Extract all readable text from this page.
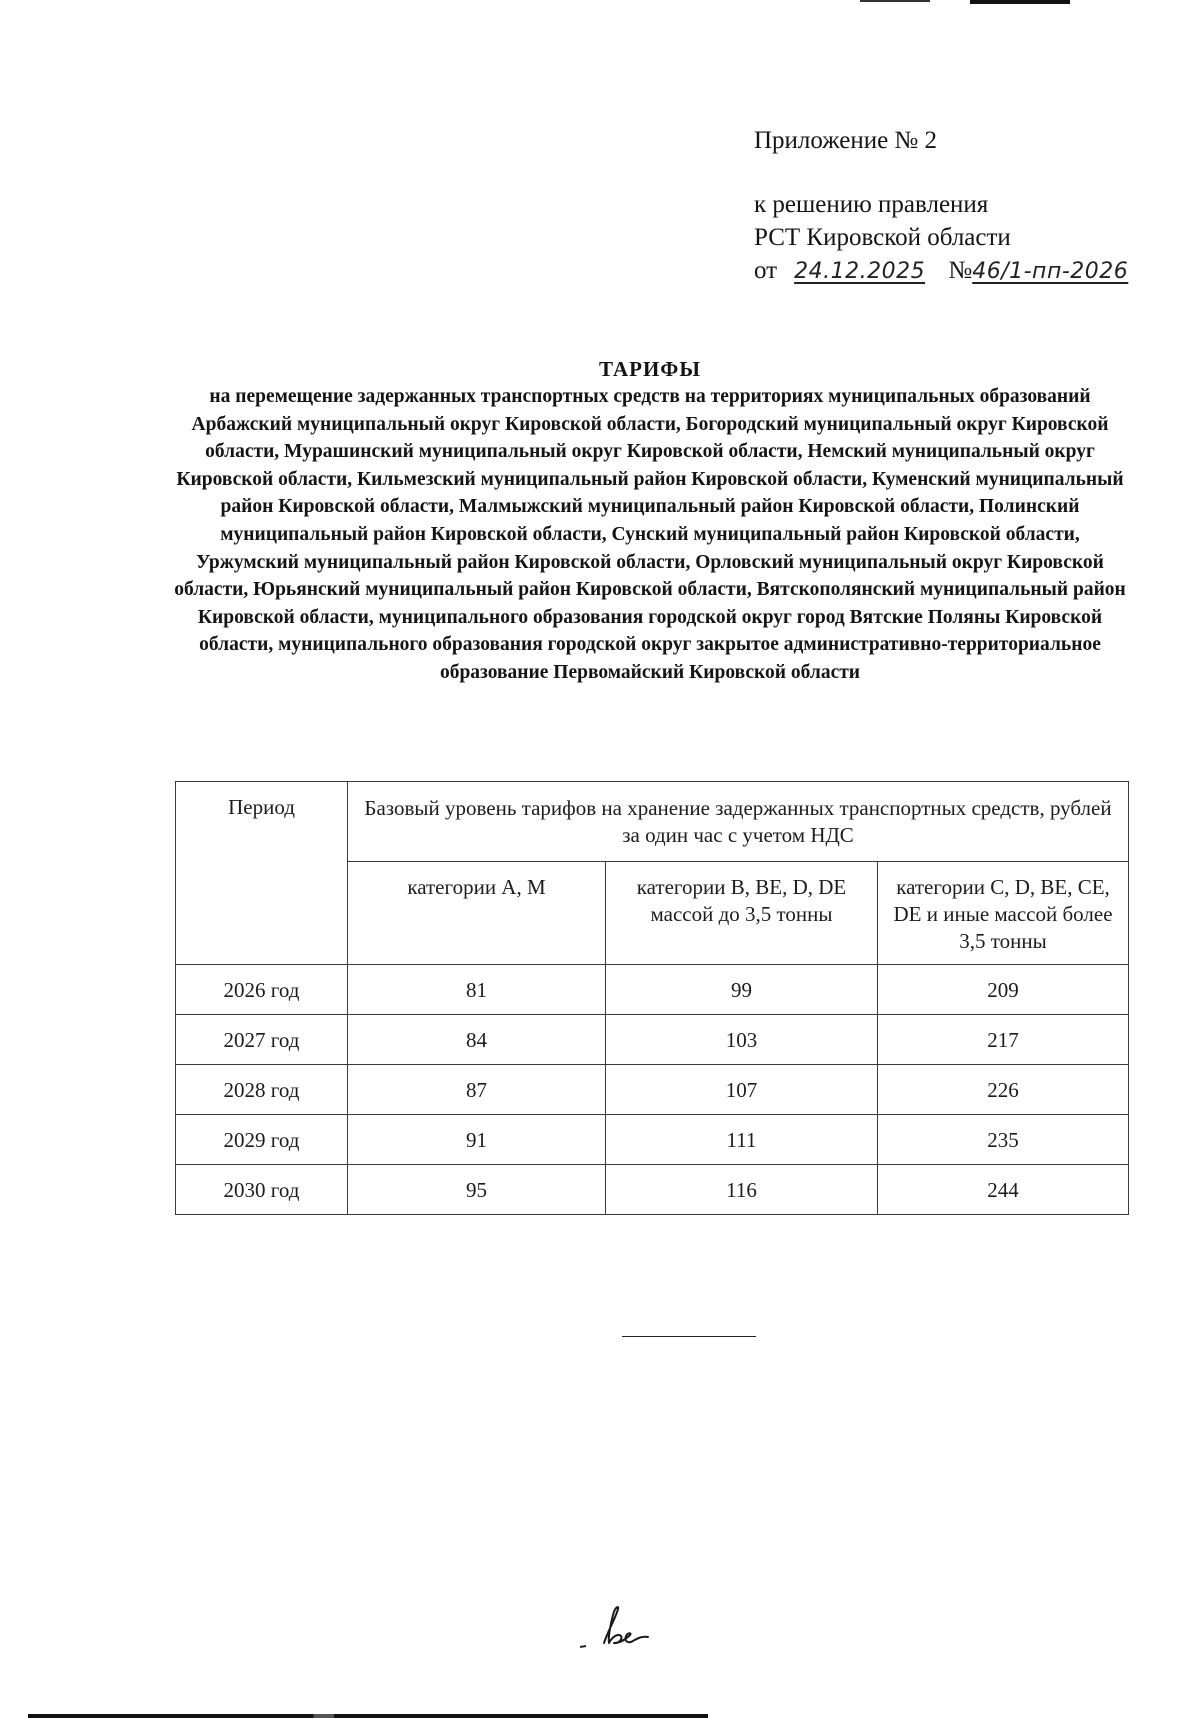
Приложение № 2
к решению правления
РСТ Кировской области
от 24.12.2025 №46/1-пп-2026
ТАРИФЫ
на перемещение задержанных транспортных средств на территориях муниципальных образований Арбажский муниципальный округ Кировской области, Богородский муниципальный округ Кировской области, Мурашинский муниципальный округ Кировской области, Немский муниципальный округ Кировской области, Кильмезский муниципальный район Кировской области, Куменский муниципальный район Кировской области, Малмыжский муниципальный район Кировской области, Полинский муниципальный район Кировской области, Сунский муниципальный район Кировской области, Уржумский муниципальный район Кировской области, Орловский муниципальный округ Кировской области, Юрьянский муниципальный район Кировской области, Вятскополянский муниципальный район Кировской области, муниципального образования городской округ город Вятские Поляны Кировской области, муниципального образования городской округ закрытое административно-территориальное образование Первомайский Кировской области
Период	Базовый уровень тарифов на хранение задержанных транспортных средств, рублей за один час с учетом НДС		
	категории А, М	категории B, BE, D, DE массой до 3,5 тонны	категории С, D, BE, CE, DE и иные массой более 3,5 тонны
2026 год	81	99	209
2027 год	84	103	217
2028 год	87	107	226
2029 год	91	111	235
2030 год	95	116	244
